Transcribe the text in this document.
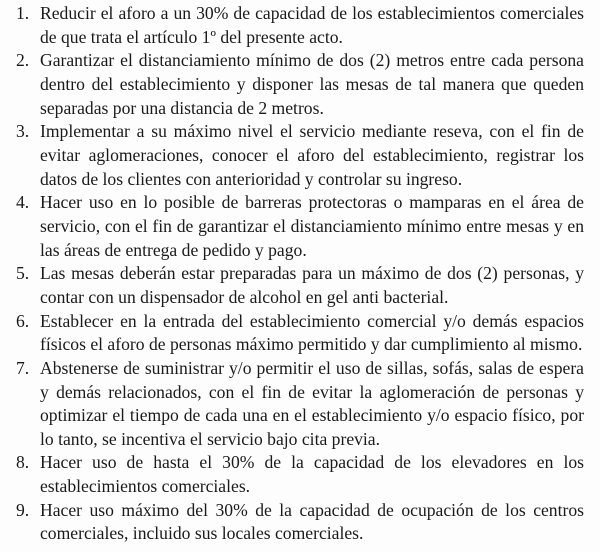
1. Reducir el aforo a un 30% de capacidad de los establecimientos comerciales de que trata el artículo 1º del presente acto.
2. Garantizar el distanciamiento mínimo de dos (2) metros entre cada persona dentro del establecimiento y disponer las mesas de tal manera que queden separadas por una distancia de 2 metros.
3. Implementar a su máximo nivel el servicio mediante reseva, con el fin de evitar aglomeraciones, conocer el aforo del establecimiento, registrar los datos de los clientes con anterioridad y controlar su ingreso.
4. Hacer uso en lo posible de barreras protectoras o mamparas en el área de servicio, con el fin de garantizar el distanciamiento mínimo entre mesas y en las áreas de entrega de pedido y pago.
5. Las mesas deberán estar preparadas para un máximo de dos (2) personas, y contar con un dispensador de alcohol en gel anti bacterial.
6. Establecer en la entrada del establecimiento comercial y/o demás espacios físicos el aforo de personas máximo permitido y dar cumplimiento al mismo.
7. Abstenerse de suministrar y/o permitir el uso de sillas, sofás, salas de espera y demás relacionados, con el fin de evitar la aglomeración de personas y optimizar el tiempo de cada una en el establecimiento y/o espacio físico, por lo tanto, se incentiva el servicio bajo cita previa.
8. Hacer uso de hasta el 30% de la capacidad de los elevadores en los establecimientos comerciales.
9. Hacer uso máximo del 30% de la capacidad de ocupación de los centros comerciales, incluido sus locales comerciales.
